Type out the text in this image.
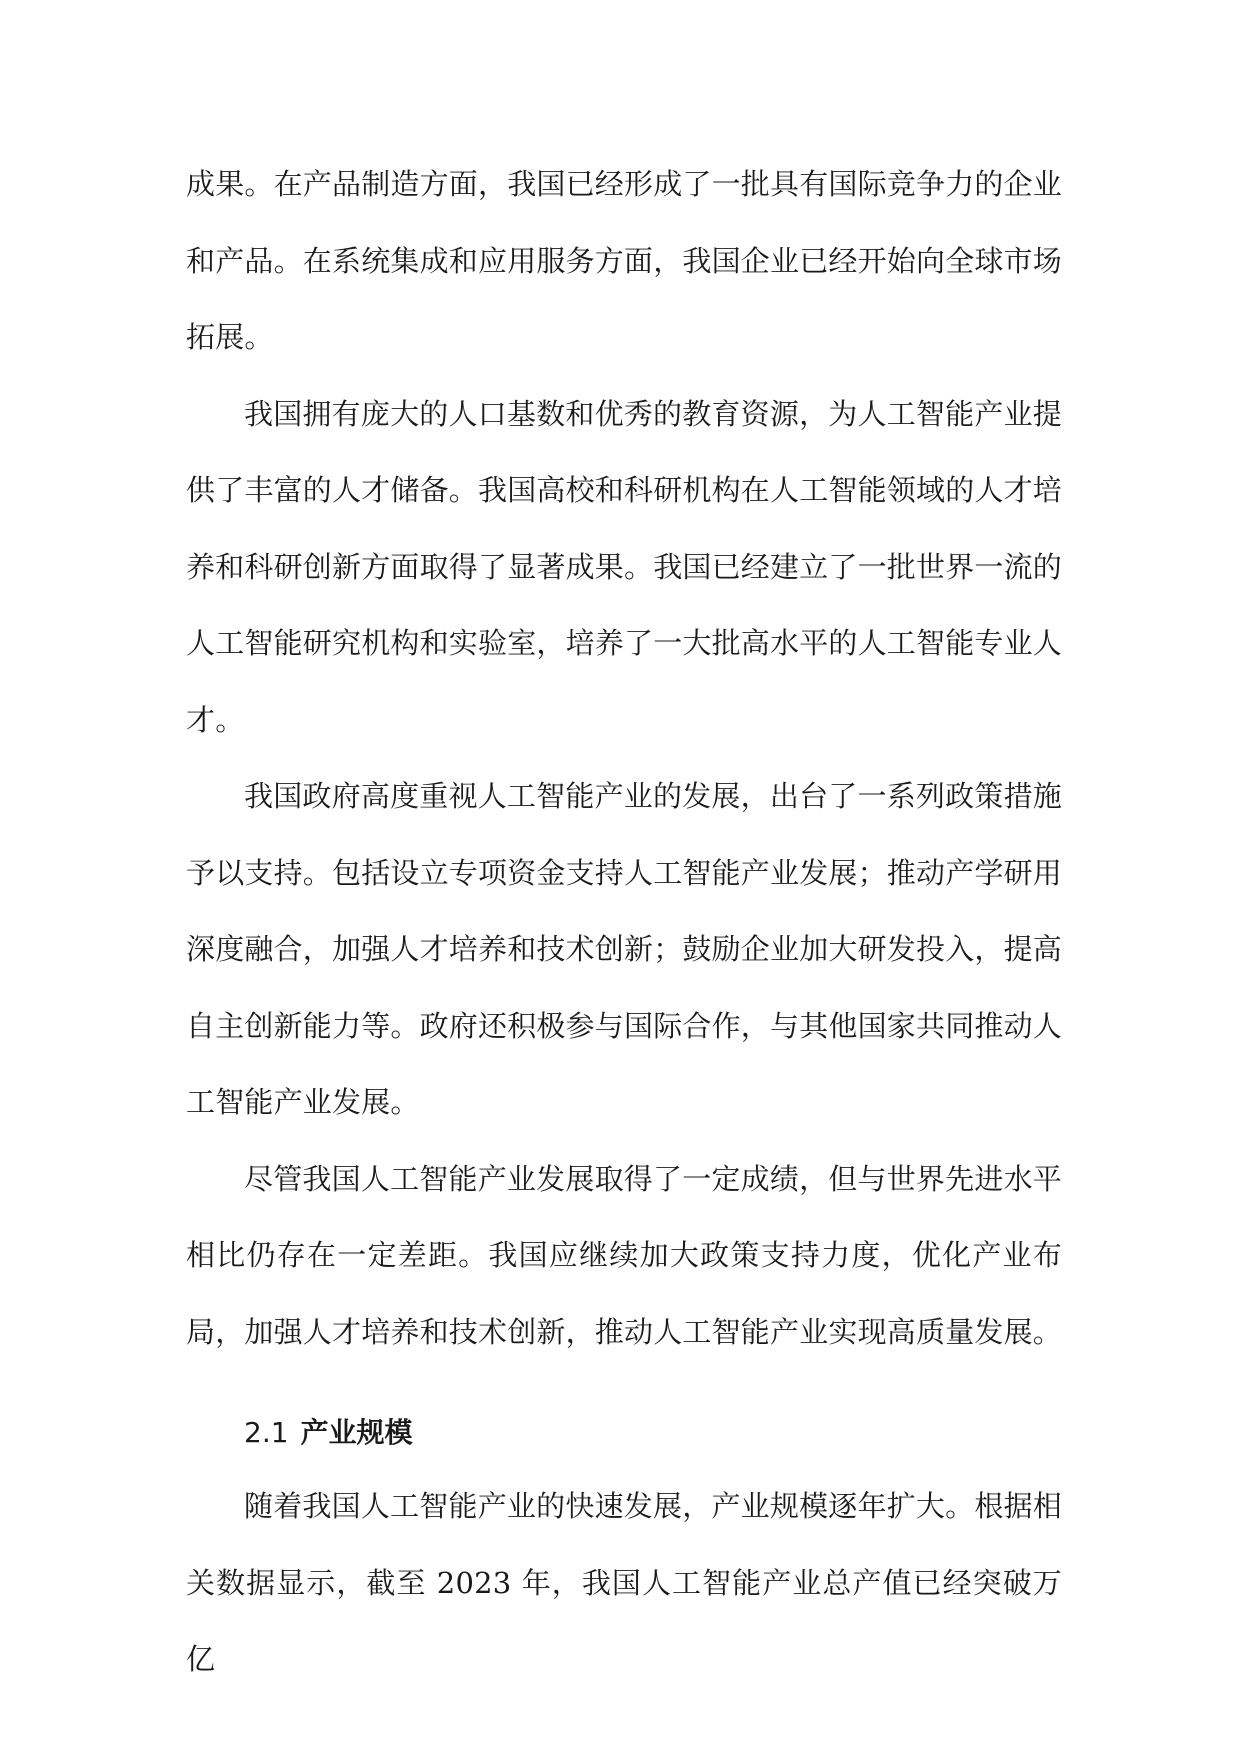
成果。在产品制造方面，我国已经形成了一批具有国际竞争力的企业和产品。在系统集成和应用服务方面，我国企业已经开始向全球市场拓展。

我国拥有庞大的人口基数和优秀的教育资源，为人工智能产业提供了丰富的人才储备。我国高校和科研机构在人工智能领域的人才培养和科研创新方面取得了显著成果。我国已经建立了一批世界一流的人工智能研究机构和实验室，培养了一大批高水平的人工智能专业人才。

我国政府高度重视人工智能产业的发展，出台了一系列政策措施予以支持。包括设立专项资金支持人工智能产业发展；推动产学研用深度融合，加强人才培养和技术创新；鼓励企业加大研发投入，提高自主创新能力等。政府还积极参与国际合作，与其他国家共同推动人工智能产业发展。

尽管我国人工智能产业发展取得了一定成绩，但与世界先进水平相比仍存在一定差距。我国应继续加大政策支持力度，优化产业布局，加强人才培养和技术创新，推动人工智能产业实现高质量发展。

2.1 产业规模

随着我国人工智能产业的快速发展，产业规模逐年扩大。根据相关数据显示，截至 2023 年，我国人工智能产业总产值已经突破万亿
